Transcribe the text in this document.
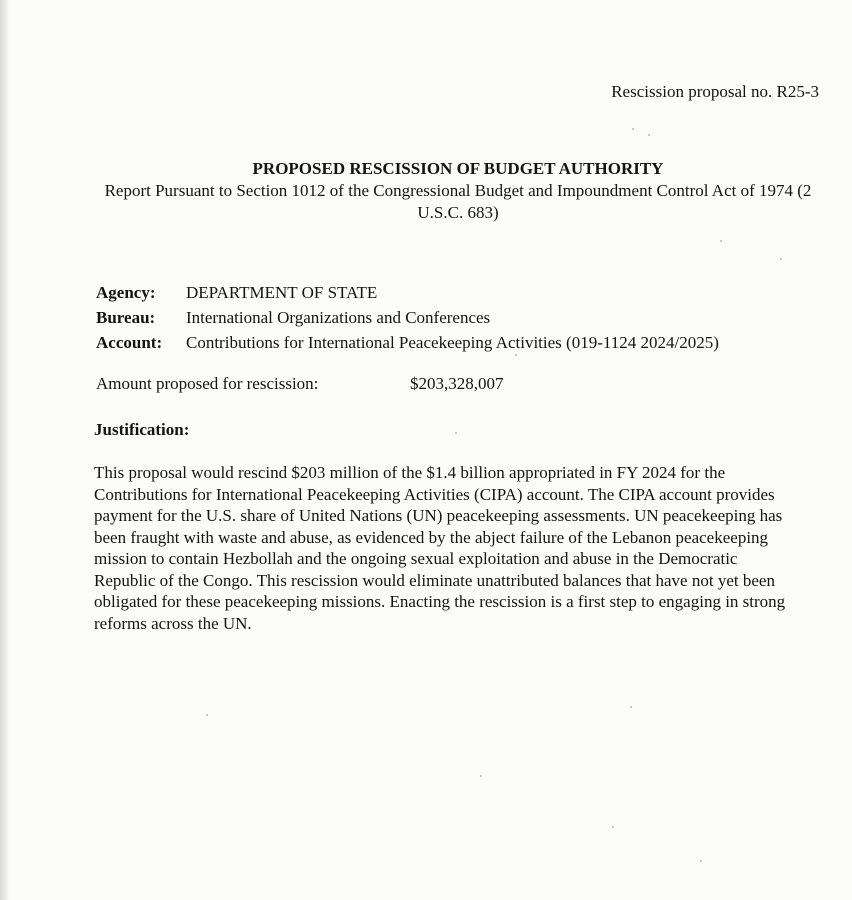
Rescission proposal no. R25-3
PROPOSED RESCISSION OF BUDGET AUTHORITY
Report Pursuant to Section 1012 of the Congressional Budget and Impoundment Control Act of 1974 (2 U.S.C. 683)
Agency:	DEPARTMENT OF STATE
Bureau:	International Organizations and Conferences
Account:	Contributions for International Peacekeeping Activities (019-1124 2024/2025)
Amount proposed for rescission:	$203,328,007
Justification:
This proposal would rescind $203 million of the $1.4 billion appropriated in FY 2024 for the Contributions for International Peacekeeping Activities (CIPA) account. The CIPA account provides payment for the U.S. share of United Nations (UN) peacekeeping assessments. UN peacekeeping has been fraught with waste and abuse, as evidenced by the abject failure of the Lebanon peacekeeping mission to contain Hezbollah and the ongoing sexual exploitation and abuse in the Democratic Republic of the Congo. This rescission would eliminate unattributed balances that have not yet been obligated for these peacekeeping missions. Enacting the rescission is a first step to engaging in strong reforms across the UN.
